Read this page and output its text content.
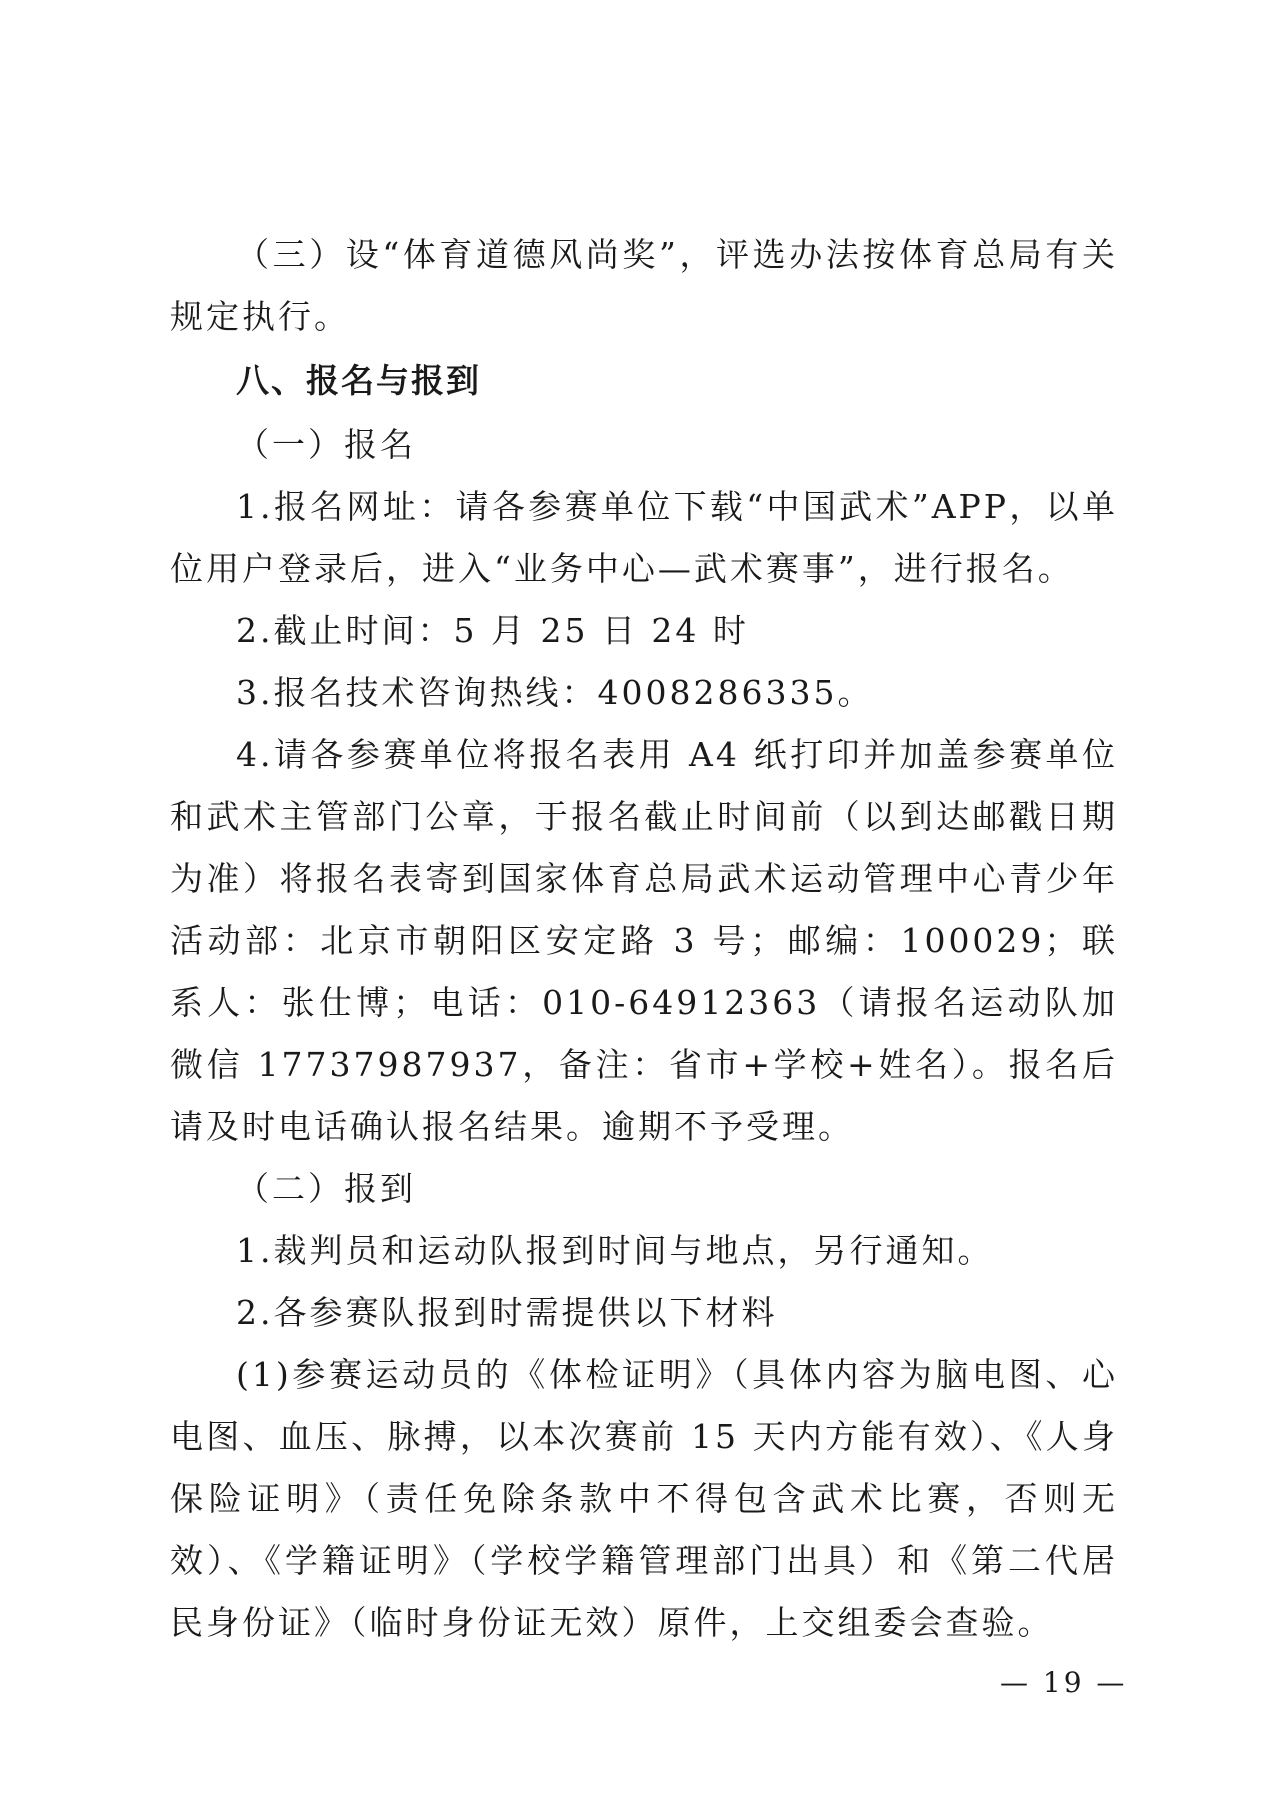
（三）设“体育道德风尚奖”，评选办法按体育总局有关规定执行。

八、报名与报到

（一）报名

1.报名网址：请各参赛单位下载“中国武术”APP，以单位用户登录后，进入“业务中心—武术赛事”，进行报名。

2.截止时间：5 月 25 日 24 时

3.报名技术咨询热线：4008286335。

4.请各参赛单位将报名表用 A4 纸打印并加盖参赛单位和武术主管部门公章，于报名截止时间前（以到达邮戳日期为准）将报名表寄到国家体育总局武术运动管理中心青少年活动部：北京市朝阳区安定路 3 号；邮编：100029；联系人：张仕博；电话：010-64912363（请报名运动队加微信 17737987937，备注：省市+学校+姓名）。报名后请及时电话确认报名结果。逾期不予受理。

（二）报到

1.裁判员和运动队报到时间与地点，另行通知。

2.各参赛队报到时需提供以下材料

(1)参赛运动员的《体检证明》（具体内容为脑电图、心电图、血压、脉搏，以本次赛前 15 天内方能有效）、《人身保险证明》（责任免除条款中不得包含武术比赛，否则无效）、《学籍证明》（学校学籍管理部门出具）和《第二代居民身份证》（临时身份证无效）原件，上交组委会查验。

— 19 —
